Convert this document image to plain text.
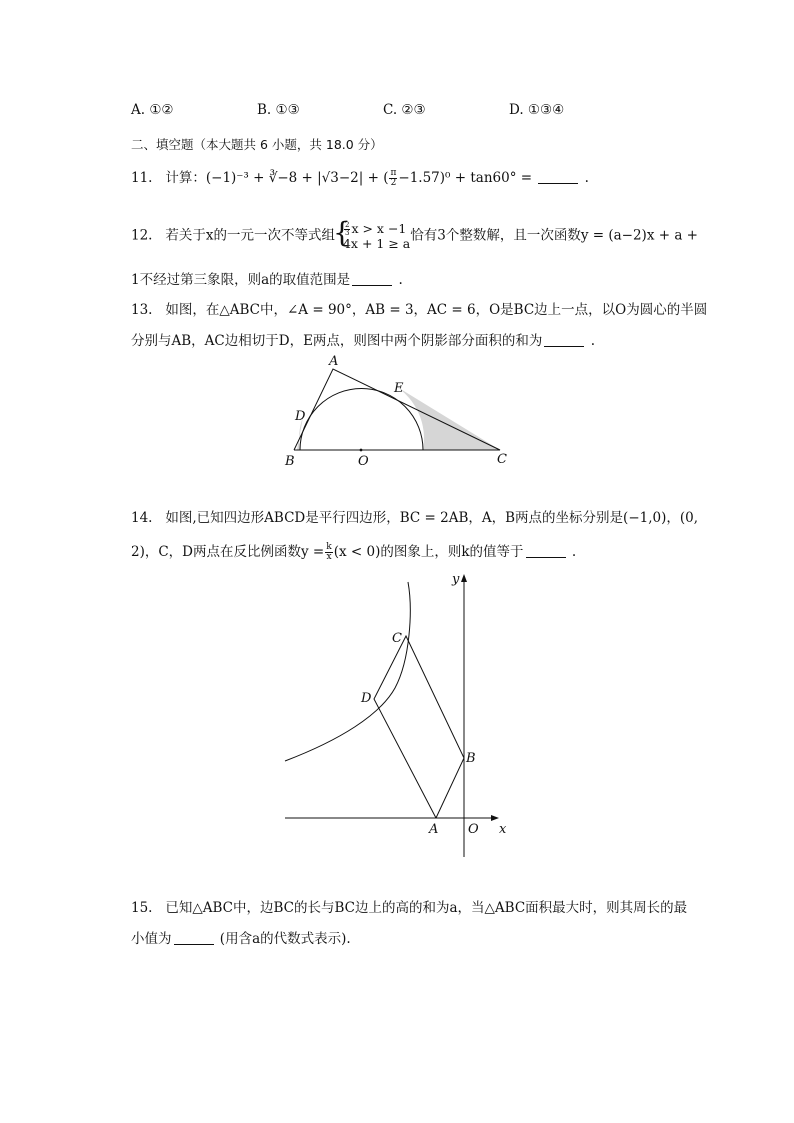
A. ①②	B. ①③	C. ②③	D. ①③④
二、填空题（本大题共 6 小题，共 18.0 分）
11. 计算：(−1)⁻³ + ∛−8 + |√3−2| + ( $\frac{\pi}{2} -1.57)^0 + \tan 60^\circ$ =	.
12. 若关于x的一元一次不等式组
{ $\frac{2}{3}$ x > x −1
4x + 1 ≥ a 恰有3个整数解，且一次函数y = (a−2)x + a +
1不经过第三象限，则a的取值范围是	.
13. 如图，在△ABC中，∠A = 90°，AB = 3，AC = 6，O是BC边上一点，以O为圆心的半圆
分别与AB，AC边相切于D，E两点，则图中两个阴影部分面积的和为	.
A
E
D
B	O	C
14. 如图,已知四边形ABCD是平行四边形，BC = 2AB，A，B两点的坐标分别是(−1,0)，(0,
2)，C，D两点在反比例函数$y = \frac{k}{x} (x < 0)$的图象上，则k的值等于	.
y
C
D
B
A O x
15. 已知△ABC中，边BC的长与BC边上的高的和为a，当△ABC面积最大时，则其周长的最
小值为	(用含a的代数式表示).
